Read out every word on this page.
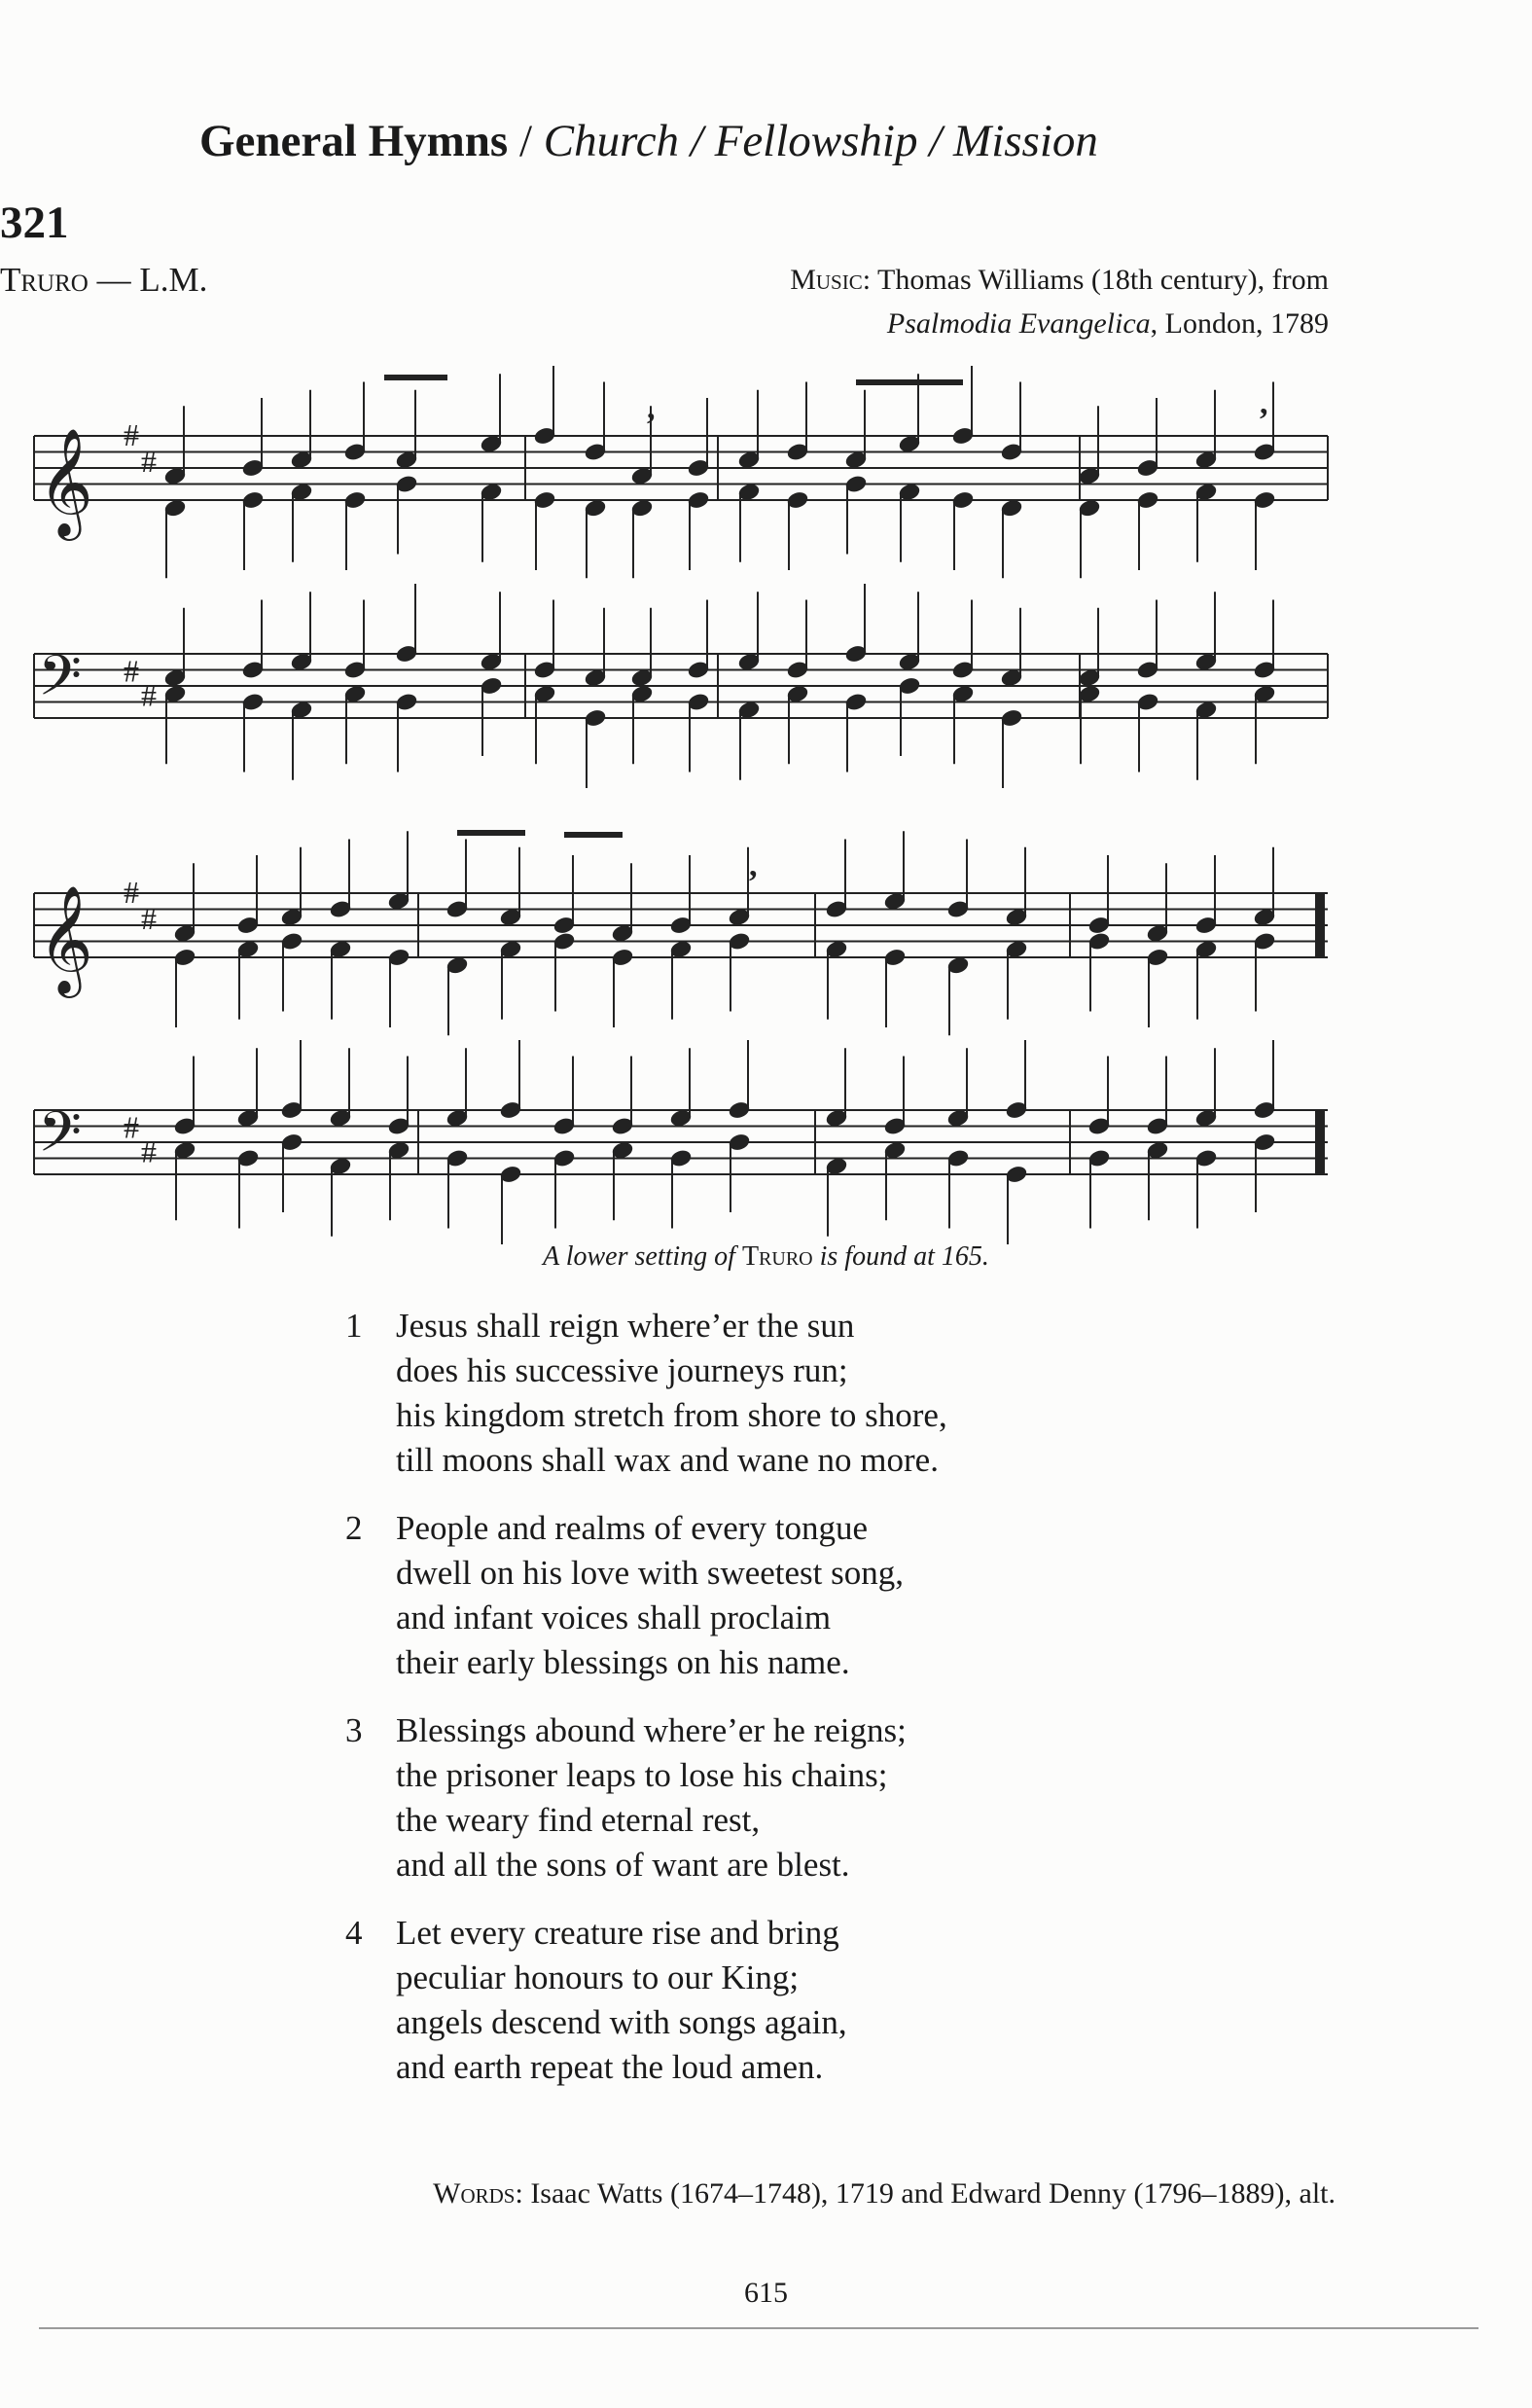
General Hymns / Church / Fellowship / Mission
321
Truro — L.M.	Music: Thomas Williams (18th century), from
Psalmodia Evangelica, London, 1789
𝄞 #
#
𝄢 #
#
𝄞 #
#
𝄢 #
#
,	,
,
A lower setting of Truro is found at 165.
1 Jesus shall reign where’er the sun
does his successive journeys run;
his kingdom stretch from shore to shore,
till moons shall wax and wane no more.
2 People and realms of every tongue
dwell on his love with sweetest song,
and infant voices shall proclaim
their early blessings on his name.
3 Blessings abound where’er he reigns;
the prisoner leaps to lose his chains;
the weary find eternal rest,
and all the sons of want are blest.
4 Let every creature rise and bring
peculiar honours to our King;
angels descend with songs again,
and earth repeat the loud amen.
Words: Isaac Watts (1674–1748), 1719 and Edward Denny (1796–1889), alt.
615
